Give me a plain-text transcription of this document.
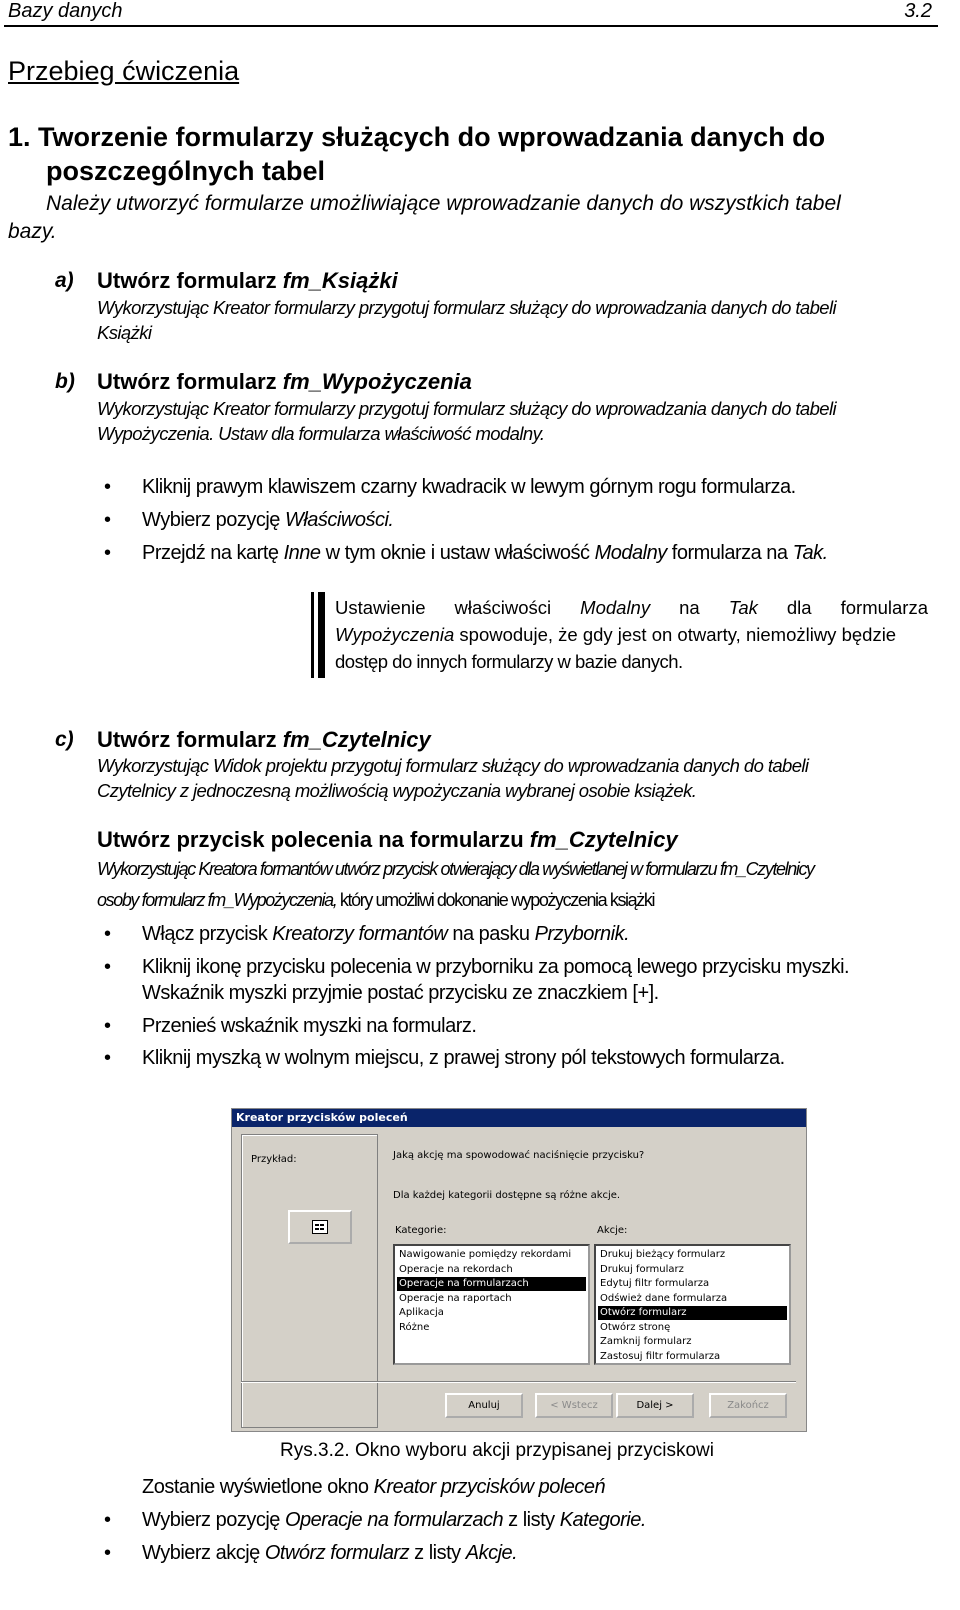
Bazy danych	3.2
Przebieg ćwiczenia
1. Tworzenie formularzy służących do wprowadzania danych do
poszczególnych tabel
Należy utworzyć formularze umożliwiające wprowadzanie danych do wszystkich tabel
bazy.
a) Utwórz formularz fm_Książki
Wykorzystując Kreator formularzy przygotuj formularz służący do wprowadzania danych do tabeli
Książki
b) Utwórz formularz fm_Wypożyczenia
Wykorzystując Kreator formularzy przygotuj formularz służący do wprowadzania danych do tabeli
Wypożyczenia. Ustaw dla formularza właściwość modalny.
• Kliknij prawym klawiszem czarny kwadracik w lewym górnym rogu formularza.
• Wybierz pozycję Właściwości.
• Przejdź na kartę Inne w tym oknie i ustaw właściwość Modalny formularza na Tak.
Ustawienie właściwości Modalny na Tak dla formularza
Wypożyczenia spowoduje, że gdy jest on otwarty, niemożliwy będzie
dostęp do innych formularzy w bazie danych.
c) Utwórz formularz fm_Czytelnicy
Wykorzystując Widok projektu przygotuj formularz służący do wprowadzania danych do tabeli
Czytelnicy z jednoczesną możliwością wypożyczania wybranej osobie książek.
Utwórz przycisk polecenia na formularzu fm_Czytelnicy
Wykorzystując Kreatora formantów utwórz przycisk otwierający dla wyświetlanej w formularzu fm_Czytelnicy
osoby formularz fm_Wypożyczenia, który umożliwi dokonanie wypożyczenia książki
• Włącz przycisk Kreatorzy formantów na pasku Przybornik.
• Kliknij ikonę przycisku polecenia w przyborniku za pomocą lewego przycisku myszki.
Wskaźnik myszki przyjmie postać przycisku ze znaczkiem [+].
• Przenieś wskaźnik myszki na formularz.
• Kliknij myszką w wolnym miejscu, z prawej strony pól tekstowych formularza.
Kreator przycisków poleceń
Przykład:	Jaką akcję ma spowodować naciśnięcie przycisku?
Dla każdej kategorii dostępne są różne akcje.
Kategorie:	Akcje:
Nawigowanie pomiędzy rekordami
Operacje na rekordach
Operacje na formularzach
Operacje na raportach
Aplikacja
Różne
Drukuj bieżący formularz
Drukuj formularz
Edytuj filtr formularza
Odśwież dane formularza
Otwórz formularz
Otwórz stronę
Zamknij formularz
Zastosuj filtr formularza
Anuluj	< Wstecz	Dalej >	Zakończ
Rys.3.2. Okno wyboru akcji przypisanej przyciskowi
Zostanie wyświetlone okno Kreator przycisków poleceń
• Wybierz pozycję Operacje na formularzach z listy Kategorie.
• Wybierz akcję Otwórz formularz z listy Akcje.
